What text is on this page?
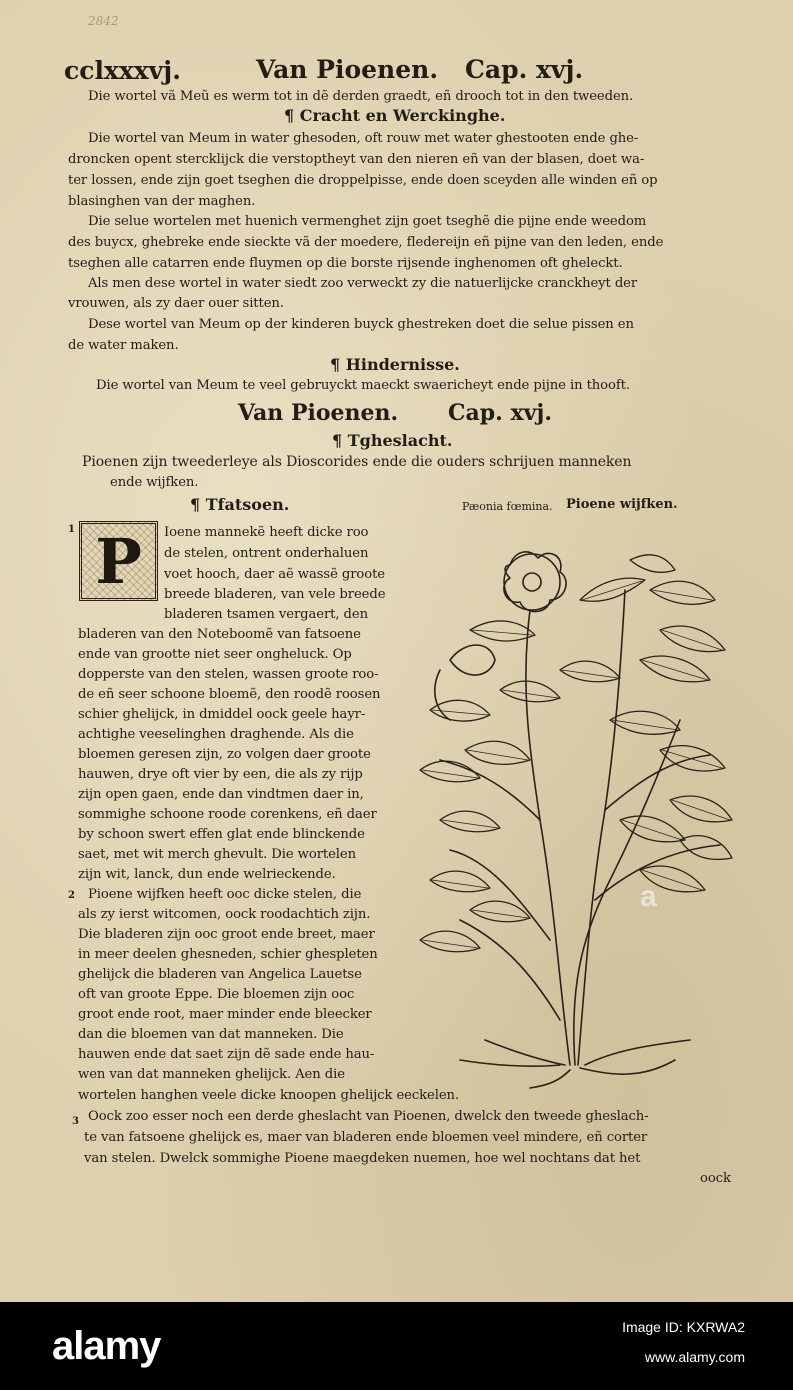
2842
cclxxxvj.	Van Pioenen. Cap. xvj.
Die wortel vã Meũ es werm tot in dẽ derden graedt, eñ drooch tot in den tweeden.
¶ Cracht en Werckinghe.
Die wortel van Meum in water ghesoden, oft rouw met water ghestooten ende ghe-
droncken opent stercklijck die verstoptheyt van den nieren eñ van der blasen, doet wa-
ter lossen, ende zijn goet tseghen die droppelpisse, ende doen sceyden alle winden eñ op
blasinghen van der maghen.
Die selue wortelen met huenich vermenghet zijn goet tseghẽ die pijne ende weedom
des buycx, ghebreke ende sieckte vã der moedere, fledereijn eñ pijne van den leden, ende
tseghen alle catarren ende fluymen op die borste rijsende inghenomen oft gheleckt.
Als men dese wortel in water siedt zoo verweckt zy die natuerlijcke cranckheyt der
vrouwen, als zy daer ouer sitten.
Dese wortel van Meum op der kinderen buyck ghestreken doet die selue pissen en
de water maken.
¶ Hindernisse.
Die wortel van Meum te veel gebruyckt maeckt swaericheyt ende pijne in thooft.
Van Pioenen. Cap. xvj.
¶ Tgheslacht.
Pioenen zijn tweederleye als Dioscorides ende die ouders schrijuen manneken
ende wijfken.
¶ Tfatsoen.	Pæonia fœmina. Pioene wijfken.
1
2
3
P	Ioene mannekẽ heeft dicke roo
de stelen, ontrent onderhaluen
voet hooch, daer aẽ wassẽ groote
breede bladeren, van vele breede
bladeren tsamen vergaert, den
bladeren van den Noteboomẽ van fatsoene
ende van grootte niet seer ongheluck. Op
dopperste van den stelen, wassen groote roo-
de eñ seer schoone bloemẽ, den roodẽ roosen
schier ghelijck, in dmiddel oock geele hayr-
achtighe veeselinghen draghende. Als die
bloemen geresen zijn, zo volgen daer groote
hauwen, drye oft vier by een, die als zy rijp
zijn open gaen, ende dan vindtmen daer in,
sommighe schoone roode corenkens, eñ daer
by schoon swert effen glat ende blinckende
saet, met wit merch ghevult. Die wortelen
zijn wit, lanck, dun ende welrieckende.
Pioene wijfken heeft ooc dicke stelen, die
als zy ierst witcomen, oock roodachtich zijn.
Die bladeren zijn ooc groot ende breet, maer
in meer deelen ghesneden, schier ghespleten
ghelijck die bladeren van Angelica Lauetse
oft van groote Eppe. Die bloemen zijn ooc
groot ende root, maer minder ende bleecker
dan die bloemen van dat manneken. Die
hauwen ende dat saet zijn dẽ sade ende hau-
wen van dat manneken ghelijck. Aen die
wortelen hanghen veele dicke knoopen ghelijck eeckelen.
Oock zoo esser noch een derde gheslacht van Pioenen, dwelck den tweede gheslach-
te van fatsoene ghelijck es, maer van bladeren ende bloemen veel mindere, eñ corter
van stelen. Dwelck sommighe Pioene maegdeken nuemen, hoe wel nochtans dat het
oock
a
alamy	Image ID: KXRWA2
www.alamy.com
